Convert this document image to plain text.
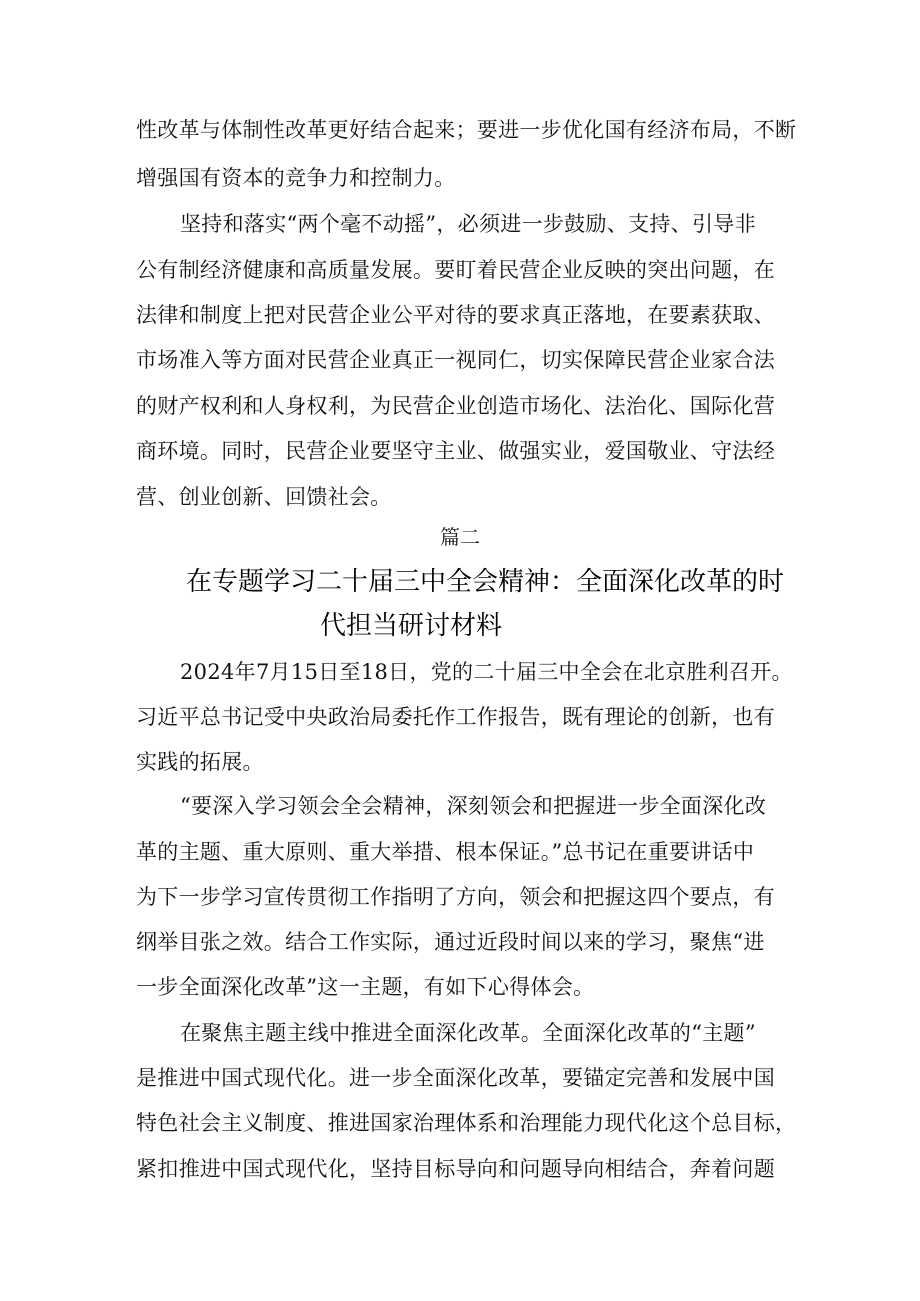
性改革与体制性改革更好结合起来；要进一步优化国有经济布局，不断
增强国有资本的竞争力和控制力。
坚持和落实“两个毫不动摇”，必须进一步鼓励、支持、引导非
公有制经济健康和高质量发展。要盯着民营企业反映的突出问题，在
法律和制度上把对民营企业公平对待的要求真正落地，在要素获取、
市场准入等方面对民营企业真正一视同仁，切实保障民营企业家合法
的财产权利和人身权利，为民营企业创造市场化、法治化、国际化营
商环境。同时，民营企业要坚守主业、做强实业，爱国敬业、守法经
营、创业创新、回馈社会。
篇二
在专题学习二十届三中全会精神：全面深化改革的时
代担当研讨材料
2024年7月15日至18日，党的二十届三中全会在北京胜利召开。
习近平总书记受中央政治局委托作工作报告，既有理论的创新，也有
实践的拓展。
“要深入学习领会全会精神，深刻领会和把握进一步全面深化改
革的主题、重大原则、重大举措、根本保证。”总书记在重要讲话中
为下一步学习宣传贯彻工作指明了方向，领会和把握这四个要点，有
纲举目张之效。结合工作实际，通过近段时间以来的学习，聚焦“进
一步全面深化改革”这一主题，有如下心得体会。
在聚焦主题主线中推进全面深化改革。全面深化改革的“主题”
是推进中国式现代化。进一步全面深化改革，要锚定完善和发展中国
特色社会主义制度、推进国家治理体系和治理能力现代化这个总目标，
紧扣推进中国式现代化，坚持目标导向和问题导向相结合，奔着问题
